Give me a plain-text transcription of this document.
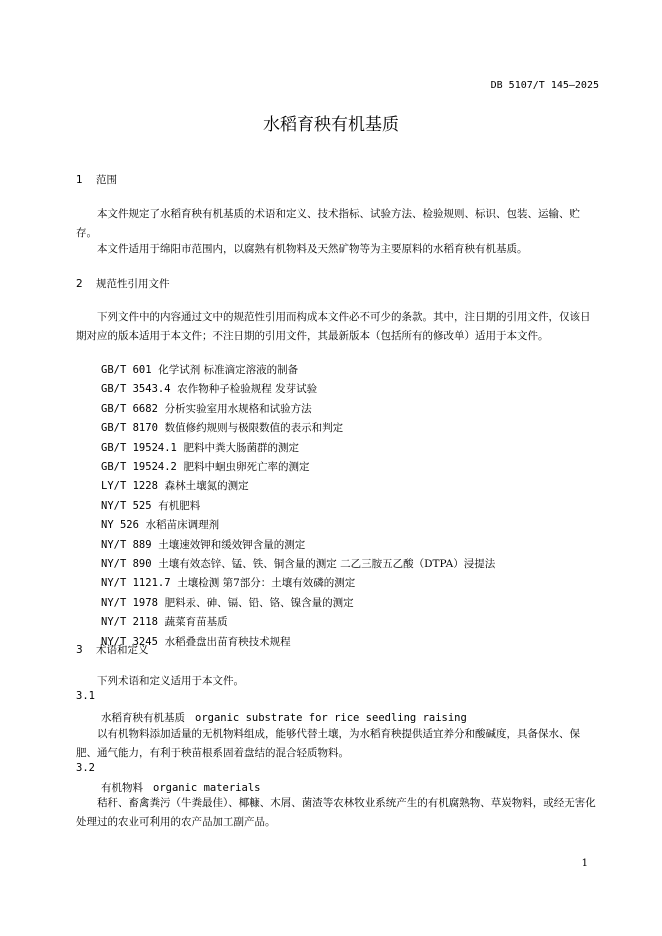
DB 5107/T 145—2025
水稻育秧有机基质
1 范围
本文件规定了水稻育秧有机基质的术语和定义、技术指标、试验方法、检验规则、标识、包装、运输、贮存。
本文件适用于绵阳市范围内，以腐熟有机物料及天然矿物等为主要原料的水稻育秧有机基质。
2 规范性引用文件
下列文件中的内容通过文中的规范性引用而构成本文件必不可少的条款。其中，注日期的引用文件，仅该日期对应的版本适用于本文件；不注日期的引用文件，其最新版本（包括所有的修改单）适用于本文件。
GB/T 601 化学试剂 标准滴定溶液的制备
GB/T 3543.4 农作物种子检验规程 发芽试验
GB/T 6682 分析实验室用水规格和试验方法
GB/T 8170 数值修约规则与极限数值的表示和判定
GB/T 19524.1 肥料中粪大肠菌群的测定
GB/T 19524.2 肥料中蛔虫卵死亡率的测定
LY/T 1228 森林土壤氮的测定
NY/T 525 有机肥料
NY 526 水稻苗床调理剂
NY/T 889 土壤速效钾和缓效钾含量的测定
NY/T 890 土壤有效态锌、锰、铁、铜含量的测定 二乙三胺五乙酸（DTPA）浸提法
NY/T 1121.7 土壤检测 第7部分：土壤有效磷的测定
NY/T 1978 肥料汞、砷、镉、铅、铬、镍含量的测定
NY/T 2118 蔬菜育苗基质
NY/T 3245 水稻叠盘出苗育秧技术规程
3 术语和定义
下列术语和定义适用于本文件。
3.1
水稻育秧有机基质 organic substrate for rice seedling raising
以有机物料添加适量的无机物料组成，能够代替土壤，为水稻育秧提供适宜养分和酸碱度，具备保水、保肥、通气能力，有利于秧苗根系固着盘结的混合轻质物料。
3.2
有机物料 organic materials
秸秆、畜禽粪污（牛粪最佳）、椰糠、木屑、菌渣等农林牧业系统产生的有机腐熟物、草炭物料，或经无害化处理过的农业可利用的农产品加工副产品。
1
